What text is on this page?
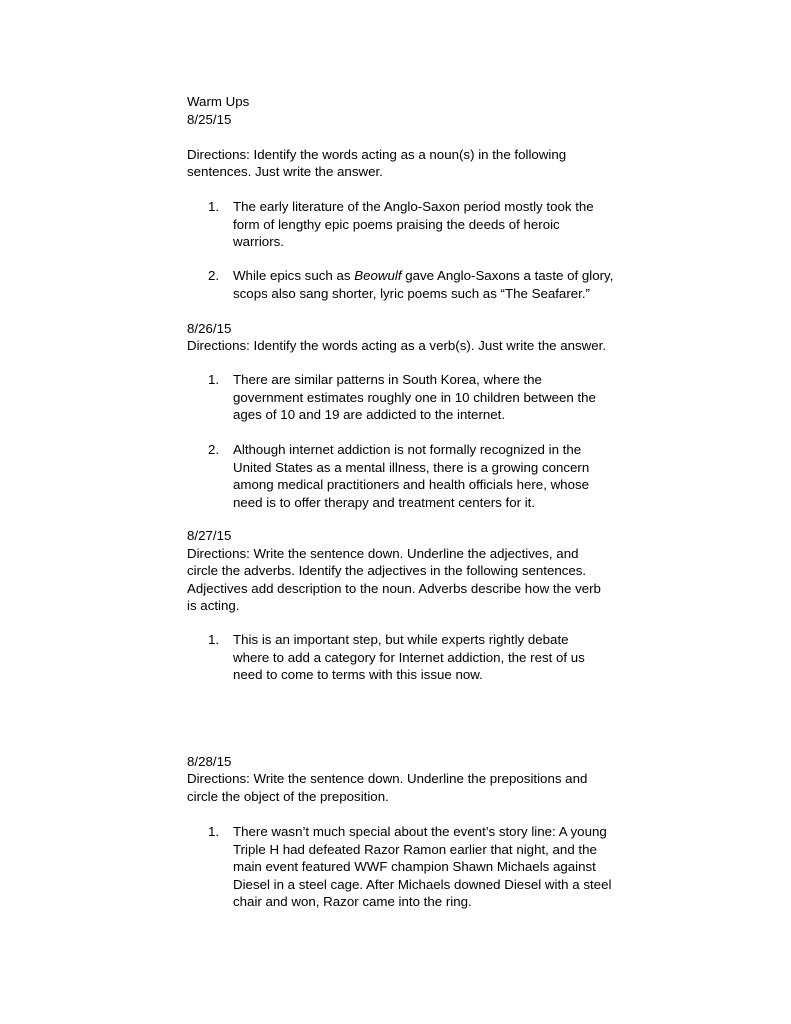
Warm Ups
8/25/15
Directions: Identify the words acting as a noun(s) in the following
sentences. Just write the answer.
1. The early literature of the Anglo-Saxon period mostly took the
form of lengthy epic poems praising the deeds of heroic
warriors.
2. While epics such as Beowulf gave Anglo-Saxons a taste of glory,
scops also sang shorter, lyric poems such as “The Seafarer.”
8/26/15
Directions: Identify the words acting as a verb(s). Just write the answer.
1. There are similar patterns in South Korea, where the
government estimates roughly one in 10 children between the
ages of 10 and 19 are addicted to the internet.
2. Although internet addiction is not formally recognized in the
United States as a mental illness, there is a growing concern
among medical practitioners and health officials here, whose
need is to offer therapy and treatment centers for it.
8/27/15
Directions: Write the sentence down. Underline the adjectives, and
circle the adverbs. Identify the adjectives in the following sentences.
Adjectives add description to the noun. Adverbs describe how the verb
is acting.
1. This is an important step, but while experts rightly debate
where to add a category for Internet addiction, the rest of us
need to come to terms with this issue now.
8/28/15
Directions: Write the sentence down. Underline the prepositions and
circle the object of the preposition.
1. There wasn’t much special about the event’s story line: A young
Triple H had defeated Razor Ramon earlier that night, and the
main event featured WWF champion Shawn Michaels against
Diesel in a steel cage. After Michaels downed Diesel with a steel
chair and won, Razor came into the ring.
